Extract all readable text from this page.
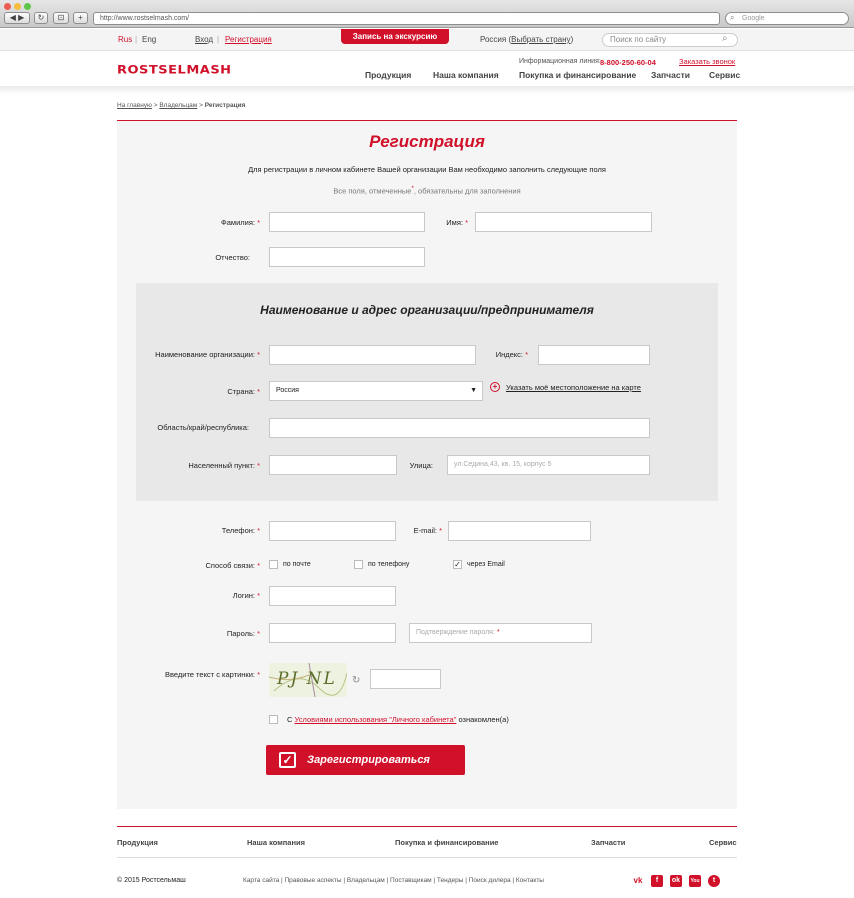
◀ ▶	↻	⊡	+	http://www.rostselmash.com/	Google
⌕
Rus | Eng	Вход | Регистрация	Запись на экскурсию	Россия (Выбрать страну)	Поиск по сайту	⌕
ROSTSELMASH
Информационная линия: 8-800-250-60-04	Заказать звонок
Продукция	Наша компания Покупка и финансирование Запчасти Сервис
На главную > Владельцам > Регистрация
Регистрация
Для регистрации в личном кабинете Вашей организации Вам необходимо заполнить следующие поля
Все поля, отмеченные*, обязательны для заполнения
Фамилия: *	Имя: *
Отчество:
Наименование и адрес организации/предпринимателя
Наименование организации: *	Индекс: *
Страна: *	Россия	▼	+	Указать моё местоположение на карте
Область/край/республика:
Населенный пункт: *	Улица:	ул.Седина,43, кв. 15, корпус 5
Телефон: *	E-mail: *
Способ связи: *	по почте	по телефону	✓ через Email
Логин: *
Пароль: *	Подтверждение пароля: *
Введите текст с картинки: * PJ NL ↻
С Условиями использования "Личного кабинета" ознакомлен(а)
✓	Зарегистрироваться
Продукция	Наша компания	Покупка и финансирование	Запчасти	Сервис
© 2015 Ростсельмаш	Карта сайта | Правовые аспекты | Владельцам | Поставщикам | Тендеры | Поиск дилера | Контакты	vk	f	ok	You	t
